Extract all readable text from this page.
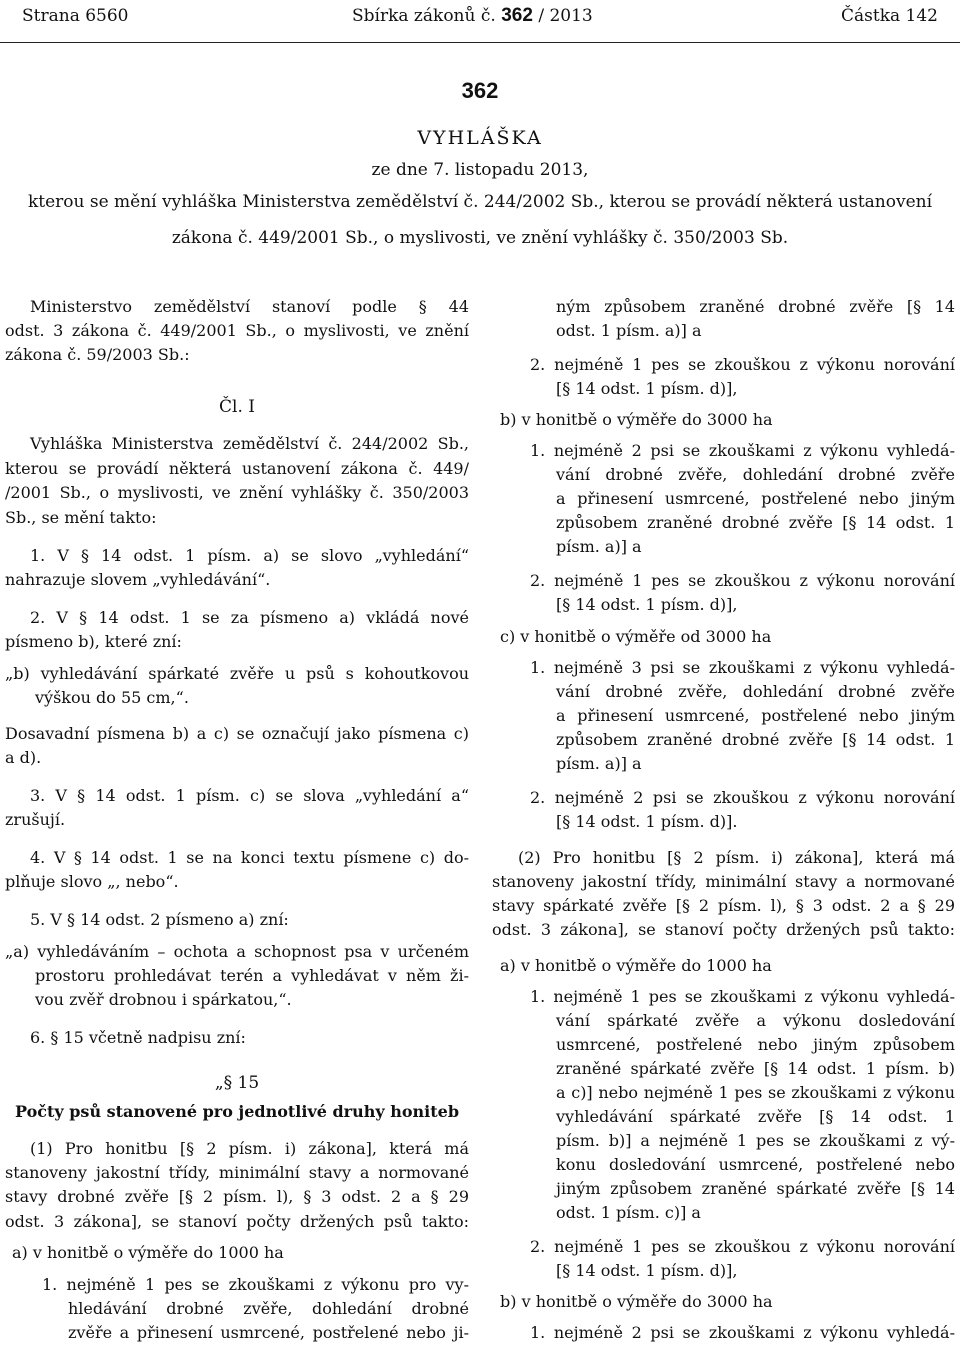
Strana 6560	Sbírka zákonů č. 362 / 2013	Částka 142
362
VYHLÁŠKA
ze dne 7. listopadu 2013,
kterou se mění vyhláška Ministerstva zemědělství č. 244/2002 Sb., kterou se provádí některá ustanovení
zákona č. 449/2001 Sb., o myslivosti, ve znění vyhlášky č. 350/2003 Sb.
Ministerstvo zemědělství stanoví podle § 44
odst. 3 zákona č. 449/2001 Sb., o myslivosti, ve znění
zákona č. 59/2003 Sb.:
Čl. I
Vyhláška Ministerstva zemědělství č. 244/2002 Sb.,
kterou se provádí některá ustanovení zákona č. 449/
/2001 Sb., o myslivosti, ve znění vyhlášky č. 350/2003
Sb., se mění takto:
1. V § 14 odst. 1 písm. a) se slovo „vyhledání“
nahrazuje slovem „vyhledávání“.
2. V § 14 odst. 1 se za písmeno a) vkládá nové
písmeno b), které zní:
„b) vyhledávání spárkaté zvěře u psů s kohoutkovou
výškou do 55 cm,“.
Dosavadní písmena b) a c) se označují jako písmena c)
a d).
3. V § 14 odst. 1 písm. c) se slova „vyhledání a“
zrušují.
4. V § 14 odst. 1 se na konci textu písmene c) do-
plňuje slovo „, nebo“.
5. V § 14 odst. 2 písmeno a) zní:
„a) vyhledáváním – ochota a schopnost psa v určeném
prostoru prohledávat terén a vyhledávat v něm ži-
vou zvěř drobnou i spárkatou,“.
6. § 15 včetně nadpisu zní:
„§ 15
Počty psů stanovené pro jednotlivé druhy honiteb
(1) Pro honitbu [§ 2 písm. i) zákona], která má
stanoveny jakostní třídy, minimální stavy a normované
stavy drobné zvěře [§ 2 písm. l), § 3 odst. 2 a § 29
odst. 3 zákona], se stanoví počty držených psů takto:
a) v honitbě o výměře do 1000 ha
1. nejméně 1 pes se zkouškami z výkonu pro vy-
hledávání drobné zvěře, dohledání drobné
zvěře a přinesení usmrcené, postřelené nebo ji-
ným způsobem zraněné drobné zvěře [§ 14
odst. 1 písm. a)] a
2. nejméně 1 pes se zkouškou z výkonu norování
[§ 14 odst. 1 písm. d)],
b) v honitbě o výměře do 3000 ha
1. nejméně 2 psi se zkouškami z výkonu vyhledá-
vání drobné zvěře, dohledání drobné zvěře
a přinesení usmrcené, postřelené nebo jiným
způsobem zraněné drobné zvěře [§ 14 odst. 1
písm. a)] a
2. nejméně 1 pes se zkouškou z výkonu norování
[§ 14 odst. 1 písm. d)],
c) v honitbě o výměře od 3000 ha
1. nejméně 3 psi se zkouškami z výkonu vyhledá-
vání drobné zvěře, dohledání drobné zvěře
a přinesení usmrcené, postřelené nebo jiným
způsobem zraněné drobné zvěře [§ 14 odst. 1
písm. a)] a
2. nejméně 2 psi se zkouškou z výkonu norování
[§ 14 odst. 1 písm. d)].
(2) Pro honitbu [§ 2 písm. i) zákona], která má
stanoveny jakostní třídy, minimální stavy a normované
stavy spárkaté zvěře [§ 2 písm. l), § 3 odst. 2 a § 29
odst. 3 zákona], se stanoví počty držených psů takto:
a) v honitbě o výměře do 1000 ha
1. nejméně 1 pes se zkouškami z výkonu vyhledá-
vání spárkaté zvěře a výkonu dosledování
usmrcené, postřelené nebo jiným způsobem
zraněné spárkaté zvěře [§ 14 odst. 1 písm. b)
a c)] nebo nejméně 1 pes se zkouškami z výkonu
vyhledávání spárkaté zvěře [§ 14 odst. 1
písm. b)] a nejméně 1 pes se zkouškami z vý-
konu dosledování usmrcené, postřelené nebo
jiným způsobem zraněné spárkaté zvěře [§ 14
odst. 1 písm. c)] a
2. nejméně 1 pes se zkouškou z výkonu norování
[§ 14 odst. 1 písm. d)],
b) v honitbě o výměře do 3000 ha
1. nejméně 2 psi se zkouškami z výkonu vyhledá-
